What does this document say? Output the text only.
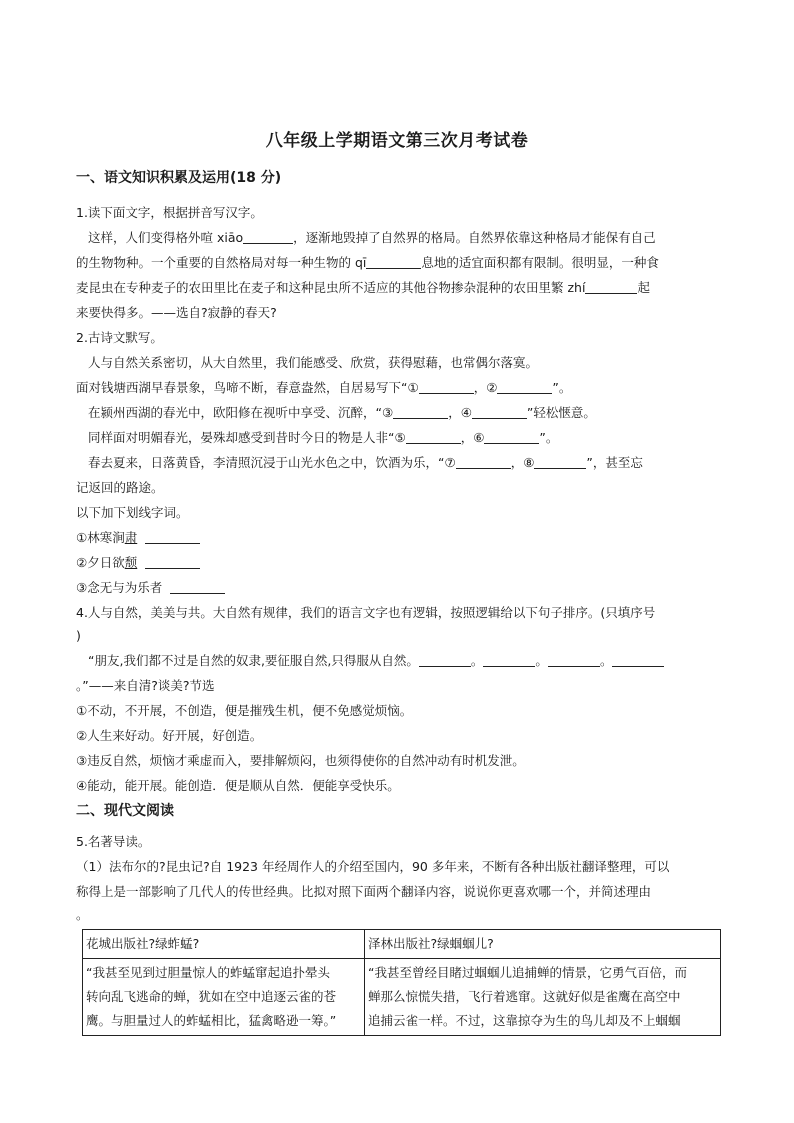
八年级上学期语文第三次月考试卷
一、语文知识积累及运用(18 分)
1.读下面文字，根据拼音写汉字。
这样，人们变得格外喧 xiāo	，逐渐地毁掉了自然界的格局。自然界依靠这种格局才能保有自己
的生物物种。一个重要的自然格局对每一种生物的 qī	息地的适宜面积都有限制。很明显，一种食
麦昆虫在专种麦子的农田里比在麦子和这种昆虫所不适应的其他谷物掺杂混种的农田里繁 zhí	起
来要快得多。——选自?寂静的春天?
2.古诗文默写。
人与自然关系密切，从大自然里，我们能感受、欣赏，获得慰藉，也常偶尔落寞。
面对钱塘西湖早春景象，鸟啼不断，春意盎然，自居易写下“①	，②	”。
在颍州西湖的春光中，欧阳修在视听中享受、沉醉，“③	，④	”轻松惬意。
同样面对明媚春光，晏殊却感受到昔时今日的物是人非“⑤	，⑥	”。
春去夏来，日落黄昏，李清照沉浸于山光水色之中，饮酒为乐，“⑦	，⑧	”，甚至忘
记返回的路途。
以下加下划线字词。
①林寒涧肃
②夕日欲颓
③念无与为乐者
4.人与自然，美美与共。大自然有规律，我们的语言文字也有逻辑，按照逻辑给以下句子排序。(只填序号
)
“朋友,我们都不过是自然的奴隶,要征服自然,只得服从自然。	。	。	。
。”——来自清?谈美?节选
①不动，不开展，不创造，便是摧残生机，便不免感觉烦恼。
②人生来好动。好开展，好创造。
③违反自然，烦恼才乘虚而入，要排解烦闷，也须得使你的自然冲动有时机发泄。
④能动，能开展。能创造．便是顺从自然．便能享受快乐。
二、现代文阅读
5.名著导读。
（1）法布尔的?昆虫记?自 1923 年经周作人的介绍至国内，90 多年来，不断有各种出版社翻译整理，可以
称得上是一部影响了几代人的传世经典。比拟对照下面两个翻译内容，说说你更喜欢哪一个，并简述理由
。
花城出版社?绿蚱蜢?	泽林出版社?绿蝈蝈儿?

“我甚至见到过胆量惊人的蚱蜢窜起追扑晕头
转向乱飞逃命的蝉，犹如在空中追逐云雀的苍
鹰。与胆量过人的蚱蜢相比，猛禽略逊一筹。”	“我甚至曾经目睹过蝈蝈儿追捕蝉的情景，它勇气百倍，而
蝉那么惊慌失措，飞行着逃窜。这就好似是雀鹰在高空中
追捕云雀一样。不过，这靠掠夺为生的鸟儿却及不上蝈蝈
